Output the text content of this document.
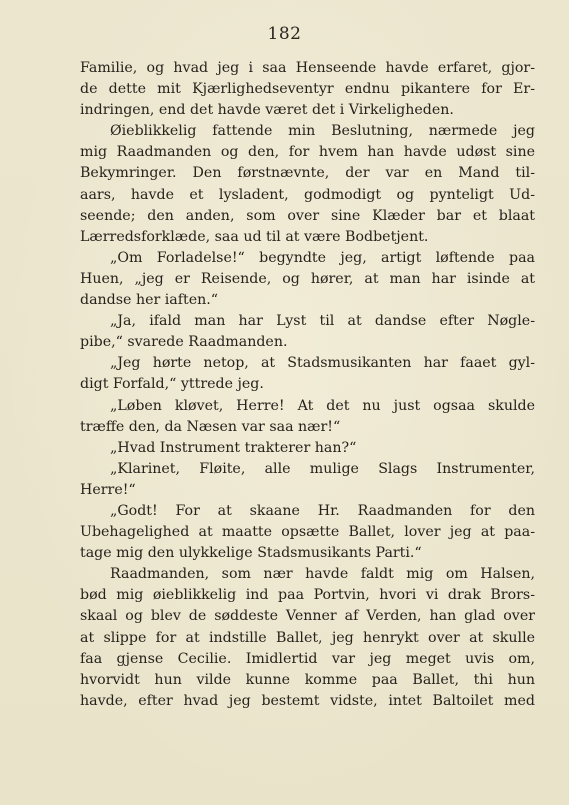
182
Familie, og hvad jeg i saa Henseende havde erfaret, gjor-
de dette mit Kjærlighedseventyr endnu pikantere for Er-
indringen, end det havde været det i Virkeligheden.
Øieblikkelig fattende min Beslutning, nærmede jeg
mig Raadmanden og den, for hvem han havde udøst sine
Bekymringer. Den førstnævnte, der var en Mand til-
aars, havde et lysladent, godmodigt og pynteligt Ud-
seende; den anden, som over sine Klæder bar et blaat
Lærredsforklæde, saa ud til at være Bodbetjent.
„Om Forladelse!“ begyndte jeg, artigt løftende paa
Huen, „jeg er Reisende, og hører, at man har isinde at
dandse her iaften.“
„Ja, ifald man har Lyst til at dandse efter Nøgle-
pibe,“ svarede Raadmanden.
„Jeg hørte netop, at Stadsmusikanten har faaet gyl-
digt Forfald,“ yttrede jeg.
„Løben kløvet, Herre! At det nu just ogsaa skulde
træffe den, da Næsen var saa nær!“
„Hvad Instrument trakterer han?“
„Klarinet, Fløite, alle mulige Slags Instrumenter,
Herre!“
„Godt! For at skaane Hr. Raadmanden for den
Ubehagelighed at maatte opsætte Ballet, lover jeg at paa-
tage mig den ulykkelige Stadsmusikants Parti.“
Raadmanden, som nær havde faldt mig om Halsen,
bød mig øieblikkelig ind paa Portvin, hvori vi drak Brors-
skaal og blev de søddeste Venner af Verden, han glad over
at slippe for at indstille Ballet, jeg henrykt over at skulle
faa gjense Cecilie. Imidlertid var jeg meget uvis om,
hvorvidt hun vilde kunne komme paa Ballet, thi hun
havde, efter hvad jeg bestemt vidste, intet Baltoilet med
